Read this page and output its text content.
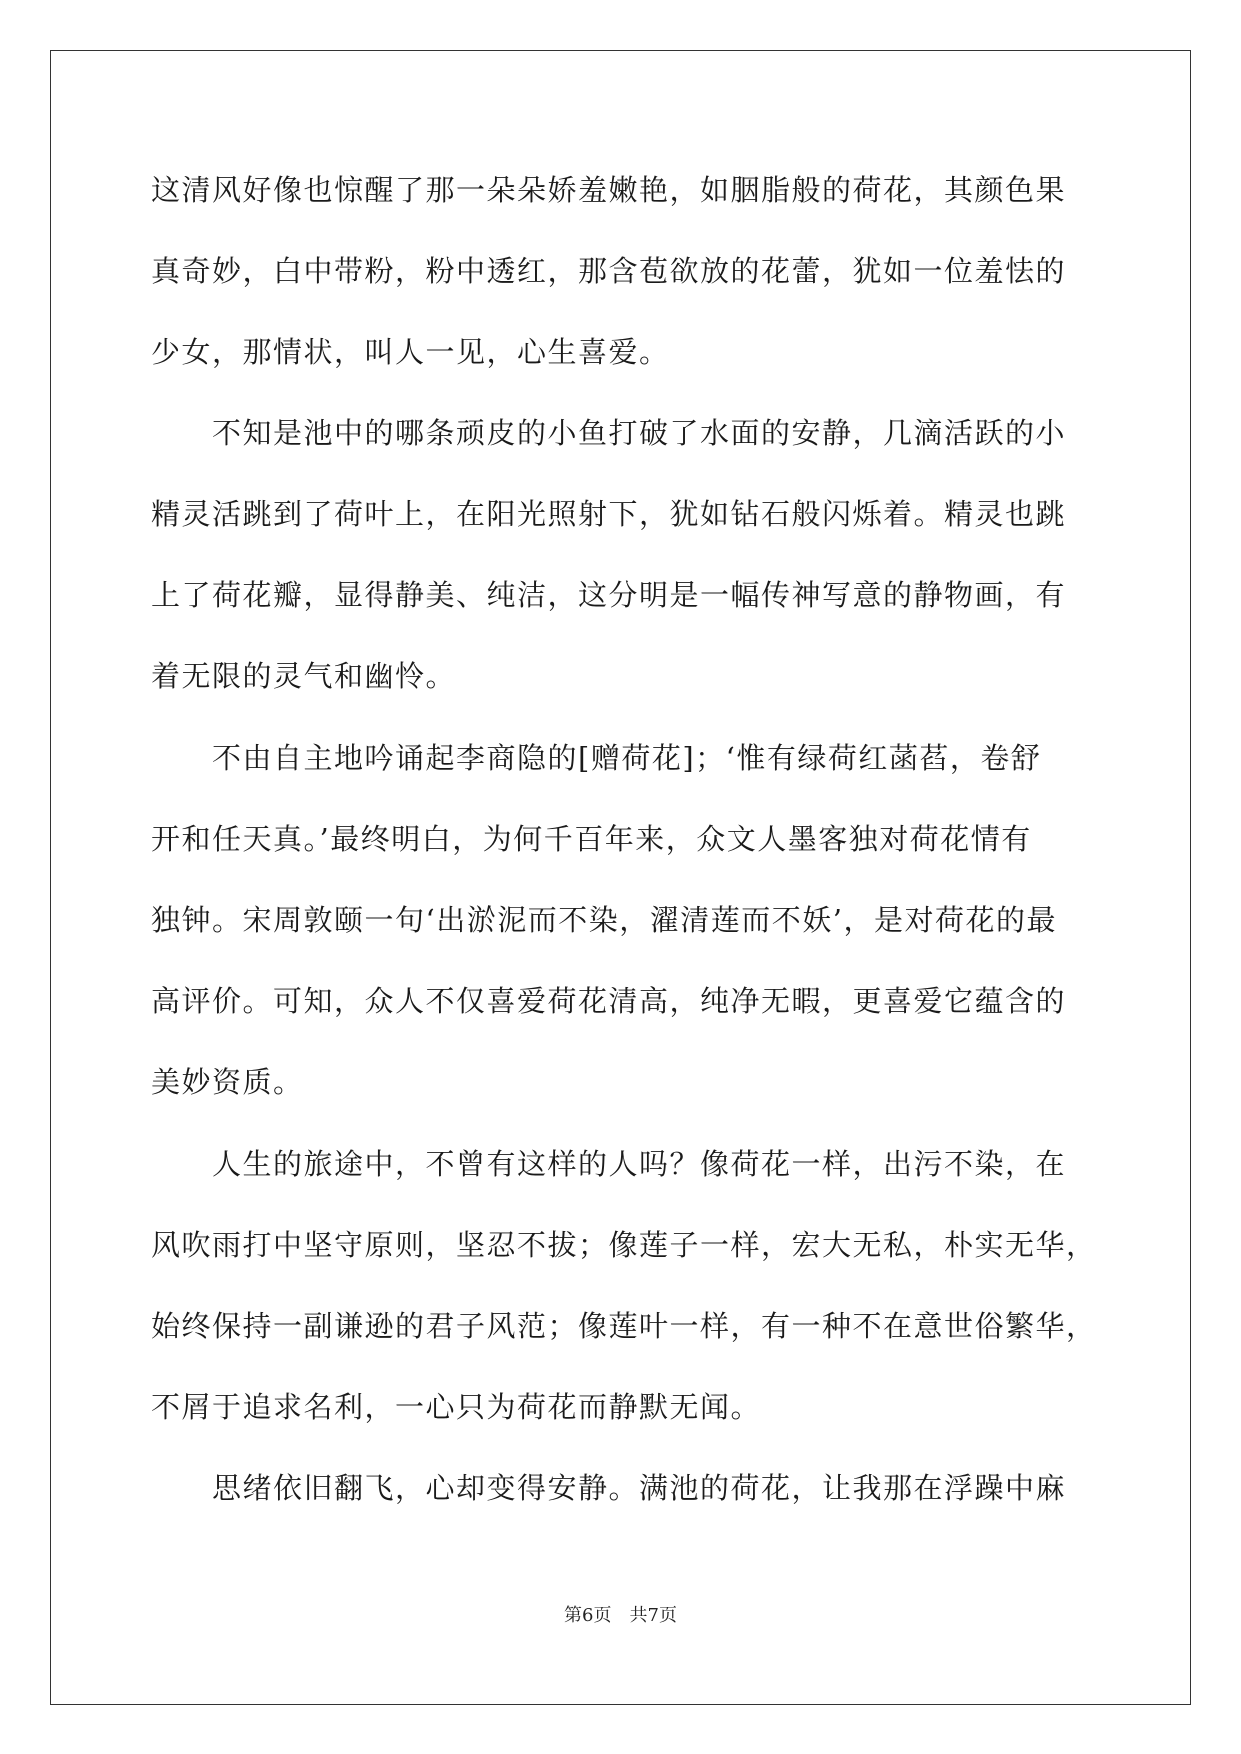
这清风好像也惊醒了那一朵朵娇羞嫩艳，如胭脂般的荷花，其颜色果
真奇妙，白中带粉，粉中透红，那含苞欲放的花蕾，犹如一位羞怯的
少女，那情状，叫人一见，心生喜爱。
　　不知是池中的哪条顽皮的小鱼打破了水面的安静，几滴活跃的小
精灵活跳到了荷叶上，在阳光照射下，犹如钻石般闪烁着。精灵也跳
上了荷花瓣，显得静美、纯洁，这分明是一幅传神写意的静物画，有
着无限的灵气和幽怜。
　　不由自主地吟诵起李商隐的[赠荷花]；‘惟有绿荷红菡萏，卷舒
开和任天真。’最终明白，为何千百年来，众文人墨客独对荷花情有
独钟。宋周敦颐一句‘出淤泥而不染，濯清莲而不妖’，是对荷花的最
高评价。可知，众人不仅喜爱荷花清高，纯净无暇，更喜爱它蕴含的
美妙资质。
　　人生的旅途中，不曾有这样的人吗？像荷花一样，出污不染，在
风吹雨打中坚守原则，坚忍不拔；像莲子一样，宏大无私，朴实无华，
始终保持一副谦逊的君子风范；像莲叶一样，有一种不在意世俗繁华，
不屑于追求名利，一心只为荷花而静默无闻。
　　思绪依旧翻飞，心却变得安静。满池的荷花，让我那在浮躁中麻
第6页 共7页
